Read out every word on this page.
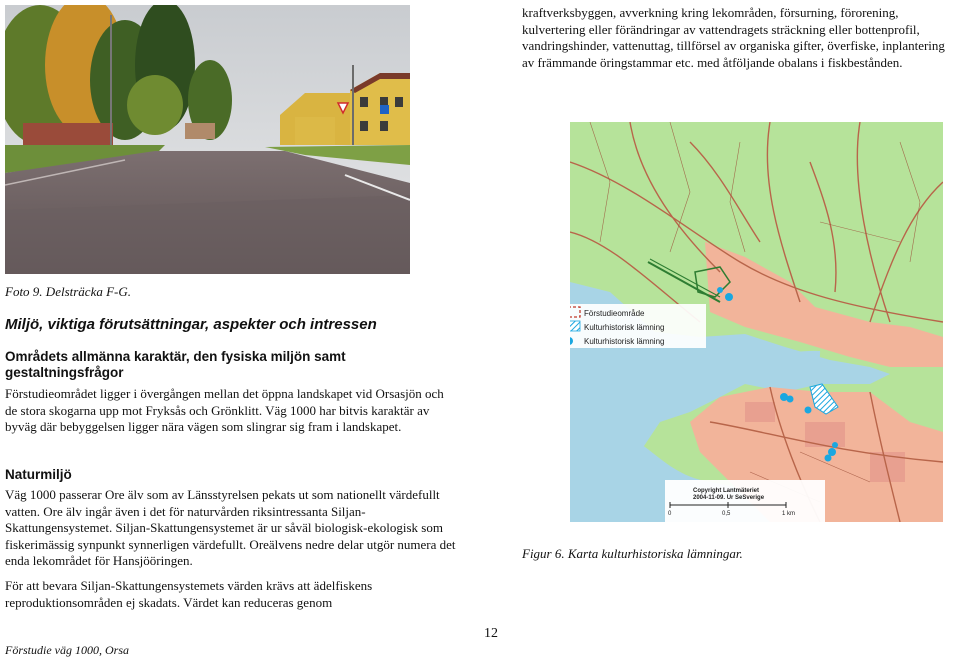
Foto 9. Delsträcka F-G.
Miljö, viktiga förutsättningar, aspekter och intressen
Områdets allmänna karaktär, den fysiska miljön samt gestaltningsfrågor
Förstudieområdet ligger i övergången mellan det öppna landskapet vid Orsasjön och de stora skogarna upp mot Fryksås och Grönklitt. Väg 1000 har bitvis karaktär av byväg där bebyggelsen ligger nära vägen som slingrar sig fram i landskapet.
Naturmiljö
Väg 1000 passerar Ore älv som av Länsstyrelsen pekats ut som nationellt värdefullt vatten. Ore älv ingår även i det för naturvården riksintressanta Siljan-Skattungensystemet. Siljan-Skattungensystemet är ur såväl biologisk-ekologisk som fiskerimässig synpunkt synnerligen värdefullt. Oreälvens nedre delar utgör numera det enda lekområdet för Hansjööringen.
För att bevara Siljan-Skattungensystemets värden krävs att ädelfiskens reproduktionsområden ej skadats. Värdet kan reduceras genom
kraftverksbyggen, avverkning kring lekområden, försurning, förorening, kulvertering eller förändringar av vattendragets sträckning eller bottenprofil, vandringshinder, vattenuttag, tillförsel av organiska gifter, överfiske, inplantering av främmande öringstammar etc. med åtföljande obalans i fiskbestånden.
Förstudieområde
Kulturhistorisk lämning
Kulturhistorisk lämning
Copyright Lantmäteriet
2004-11-09. Ur SeSverige
0	0,5	1 km
Figur 6. Karta kulturhistoriska lämningar.
Förstudie väg 1000, Orsa
12
